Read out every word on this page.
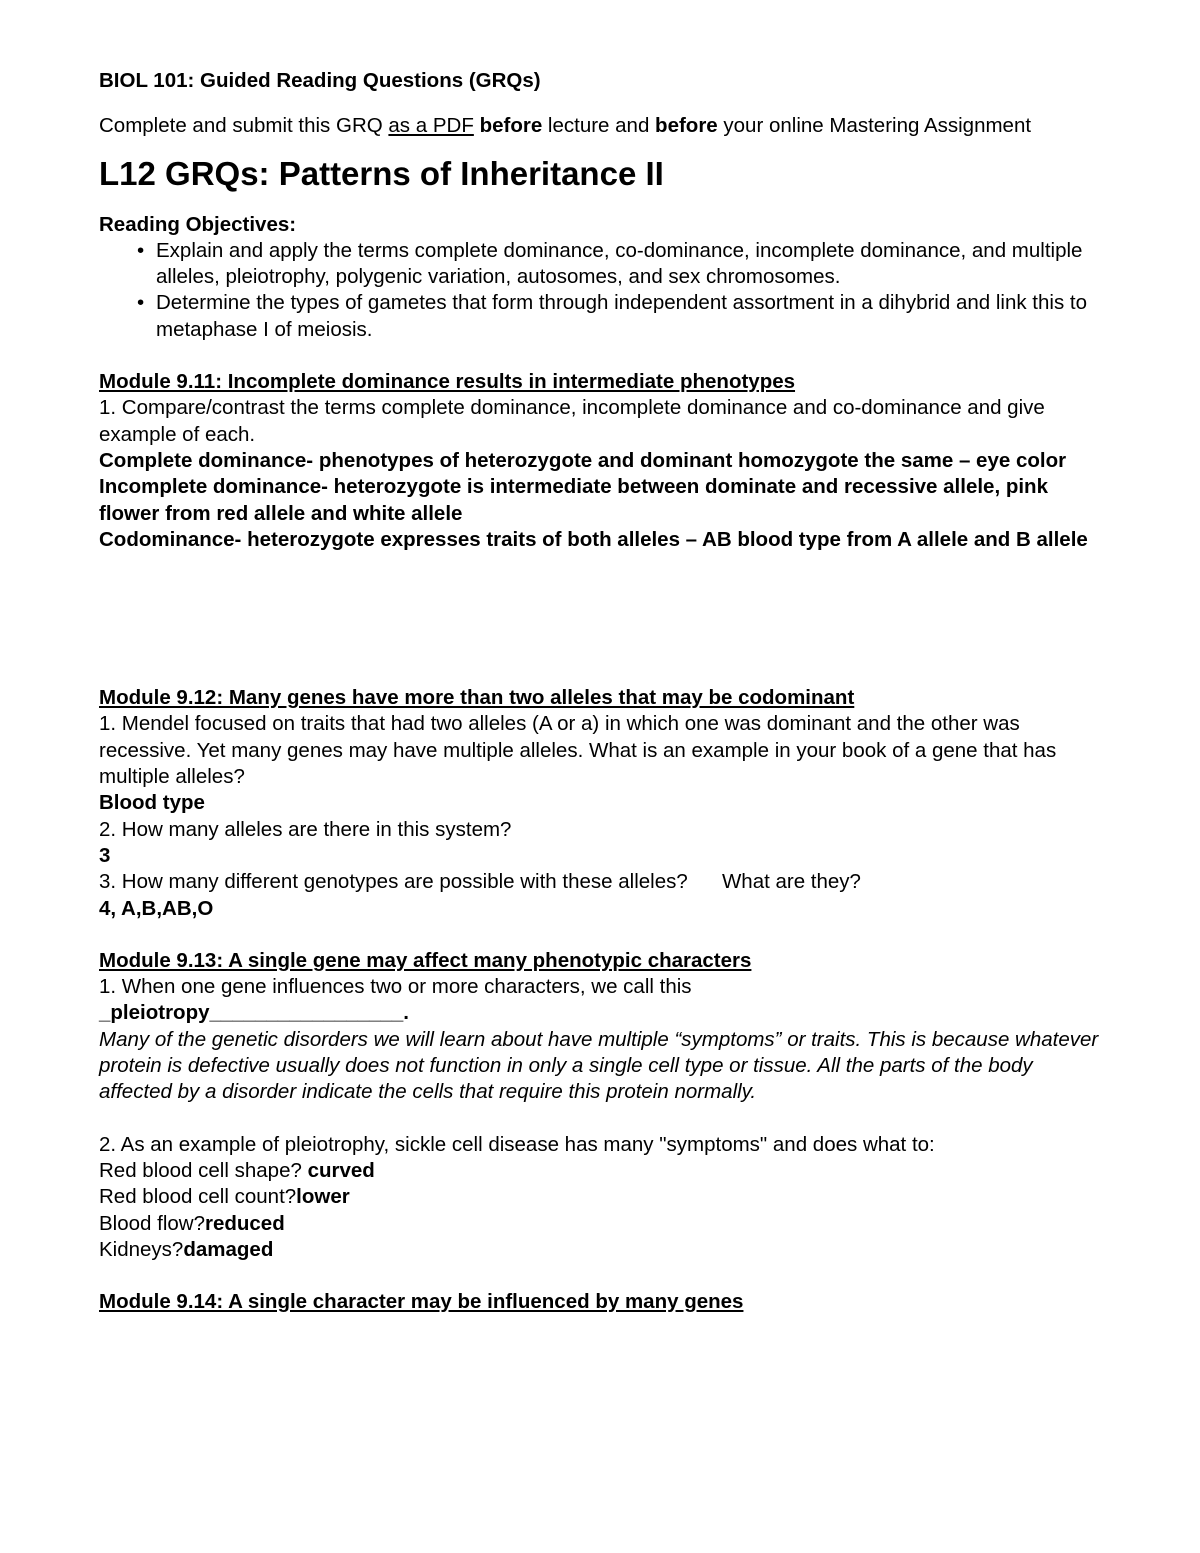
BIOL 101: Guided Reading Questions (GRQs)

Complete and submit this GRQ as a PDF before lecture and before your online Mastering Assignment

L12 GRQs: Patterns of Inheritance II

Reading Objectives:

• Explain and apply the terms complete dominance, co-dominance, incomplete dominance, and multiple alleles, pleiotrophy, polygenic variation, autosomes, and sex chromosomes.
• Determine the types of gametes that form through independent assortment in a dihybrid and link this to metaphase I of meiosis.

Module 9.11: Incomplete dominance results in intermediate phenotypes

1. Compare/contrast the terms complete dominance, incomplete dominance and co-dominance and give example of each.

Complete dominance- phenotypes of heterozygote and dominant homozygote the same – eye color

Incomplete dominance- heterozygote is intermediate between dominate and recessive allele, pink flower from red allele and white allele

Codominance- heterozygote expresses traits of both alleles – AB blood type from A allele and B allele

Module 9.12: Many genes have more than two alleles that may be codominant

1. Mendel focused on traits that had two alleles (A or a) in which one was dominant and the other was recessive. Yet many genes may have multiple alleles. What is an example in your book of a gene that has multiple alleles?

Blood type

2. How many alleles are there in this system?

3

3. How many different genotypes are possible with these alleles?      What are they?

4, A,B,AB,O

Module 9.13: A single gene may affect many phenotypic characters

1. When one gene influences two or more characters, we call this

_pleiotropy_________________.

Many of the genetic disorders we will learn about have multiple “symptoms” or traits. This is because whatever protein is defective usually does not function in only a single cell type or tissue. All the parts of the body affected by a disorder indicate the cells that require this protein normally.

2. As an example of pleiotrophy, sickle cell disease has many "symptoms" and does what to:

Red blood cell shape? curved

Red blood cell count?lower

Blood flow?reduced

Kidneys?damaged

Module 9.14: A single character may be influenced by many genes
